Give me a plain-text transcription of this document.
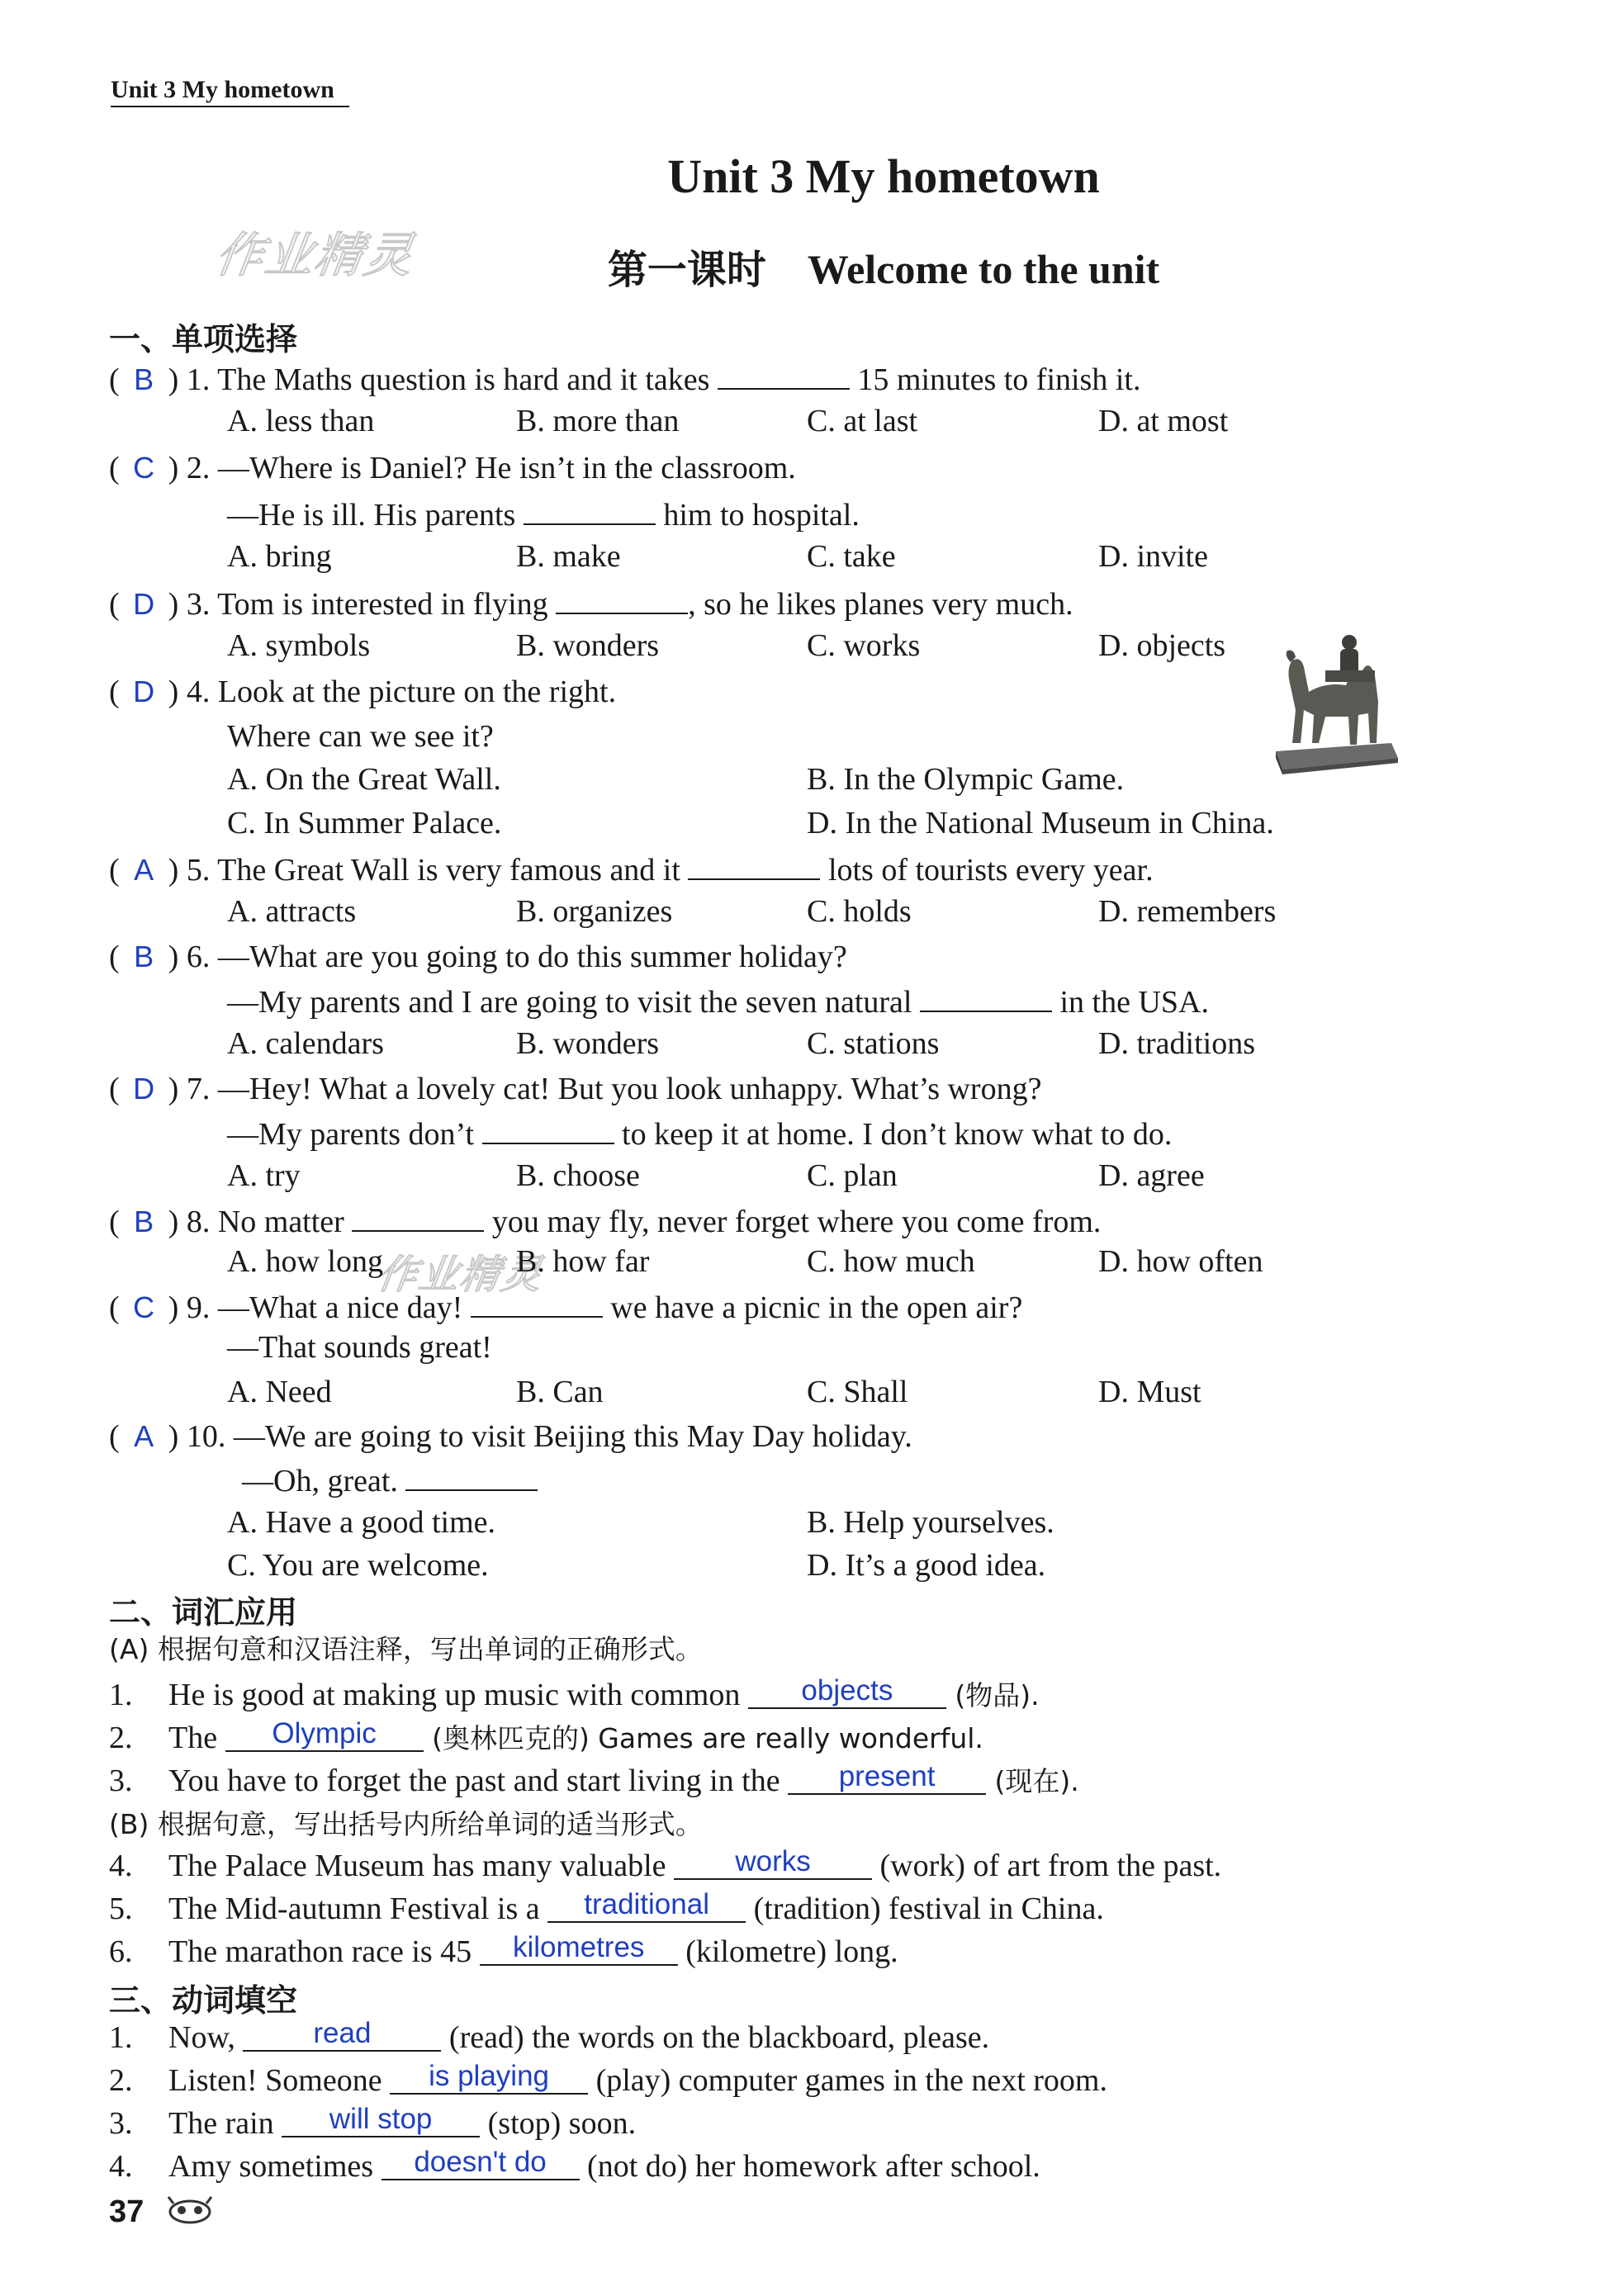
Unit 3 My hometown
Unit 3 My hometown
第一课时 Welcome to the unit
作业精灵
作业精灵
一、单项选择
( B ) 1. The Maths question is hard and it takes	15 minutes to finish it.
A. less than	B. more than	C. at last	D. at most
( C ) 2. —Where is Daniel? He isn’t in the classroom.
—He is ill. His parents	him to hospital.
A. bring	B. make	C. take	D. invite
( D ) 3. Tom is interested in flying	, so he likes planes very much.
A. symbols	B. wonders	C. works	D. objects
( D ) 4. Look at the picture on the right.
Where can we see it?
A. On the Great Wall.	B. In the Olympic Game.
C. In Summer Palace.	D. In the National Museum in China.
( A ) 5. The Great Wall is very famous and it	lots of tourists every year.
A. attracts	B. organizes	C. holds	D. remembers
( B ) 6. —What are you going to do this summer holiday?
—My parents and I are going to visit the seven natural	in the USA.
A. calendars	B. wonders	C. stations	D. traditions
( D ) 7. —Hey! What a lovely cat! But you look unhappy. What’s wrong?
—My parents don’t	to keep it at home. I don’t know what to do.
A. try	B. choose	C. plan	D. agree
( B ) 8. No matter	you may fly, never forget where you come from.
A. how long	B. how far	C. how much	D. how often
( C ) 9. —What a nice day!	we have a picnic in the open air?
—That sounds great!
A. Need	B. Can	C. Shall	D. Must
( A ) 10. —We are going to visit Beijing this May Day holiday.
—Oh, great.
A. Have a good time.	B. Help yourselves.
C. You are welcome.	D. It’s a good idea.
二、词汇应用
(A) 根据句意和汉语注释，写出单词的正确形式。
1. He is good at making up music with common objects (物品).
2. The Olympic (奥林匹克的) Games are really wonderful.
3. You have to forget the past and start living in the present (现在).
(B) 根据句意，写出括号内所给单词的适当形式。
4. The Palace Museum has many valuable works (work) of art from the past.
5. The Mid-autumn Festival is a traditional (tradition) festival in China.
6. The marathon race is 45 kilometres (kilometre) long.
三、动词填空
1. Now, read (read) the words on the blackboard, please.
2. Listen! Someone is playing (play) computer games in the next room.
3. The rain will stop (stop) soon.
4. Amy sometimes doesn't do (not do) her homework after school.
37
